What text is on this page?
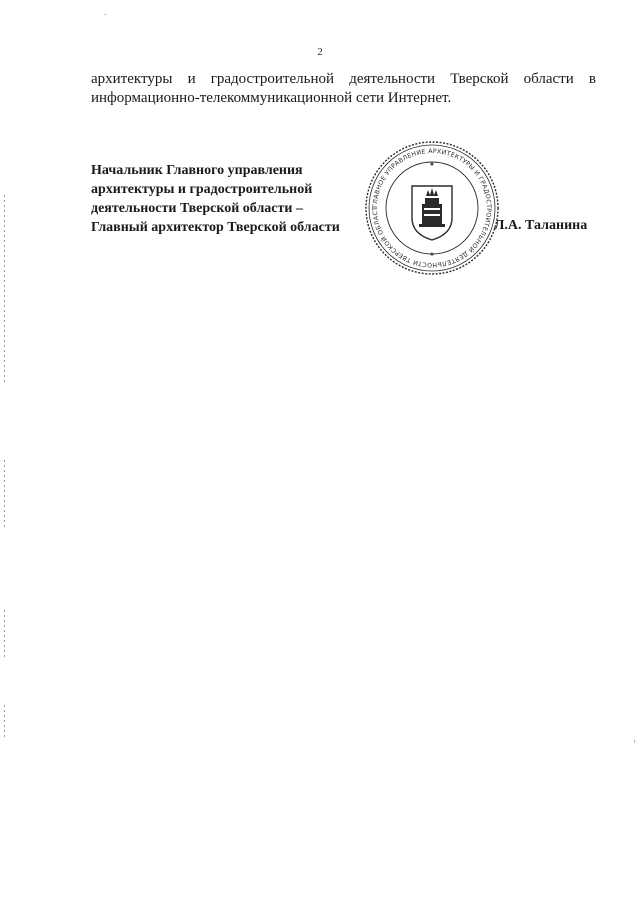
2
архитектуры и градостроительной деятельности Тверской области в
информационно-телекоммуникационной сети Интернет.
Начальник Главного управления
архитектуры и градостроительной
деятельности Тверской области –
Главный архитектор Тверской области
ГЛАВНОЕ УПРАВЛЕНИЕ АРХИТЕКТУРЫ И ГРАДОСТРОИТЕЛЬНОЙ ДЕЯТЕЛЬНОСТИ ТВЕРСКОЙ ОБЛАСТ
★
★
Л.А. Таланина
